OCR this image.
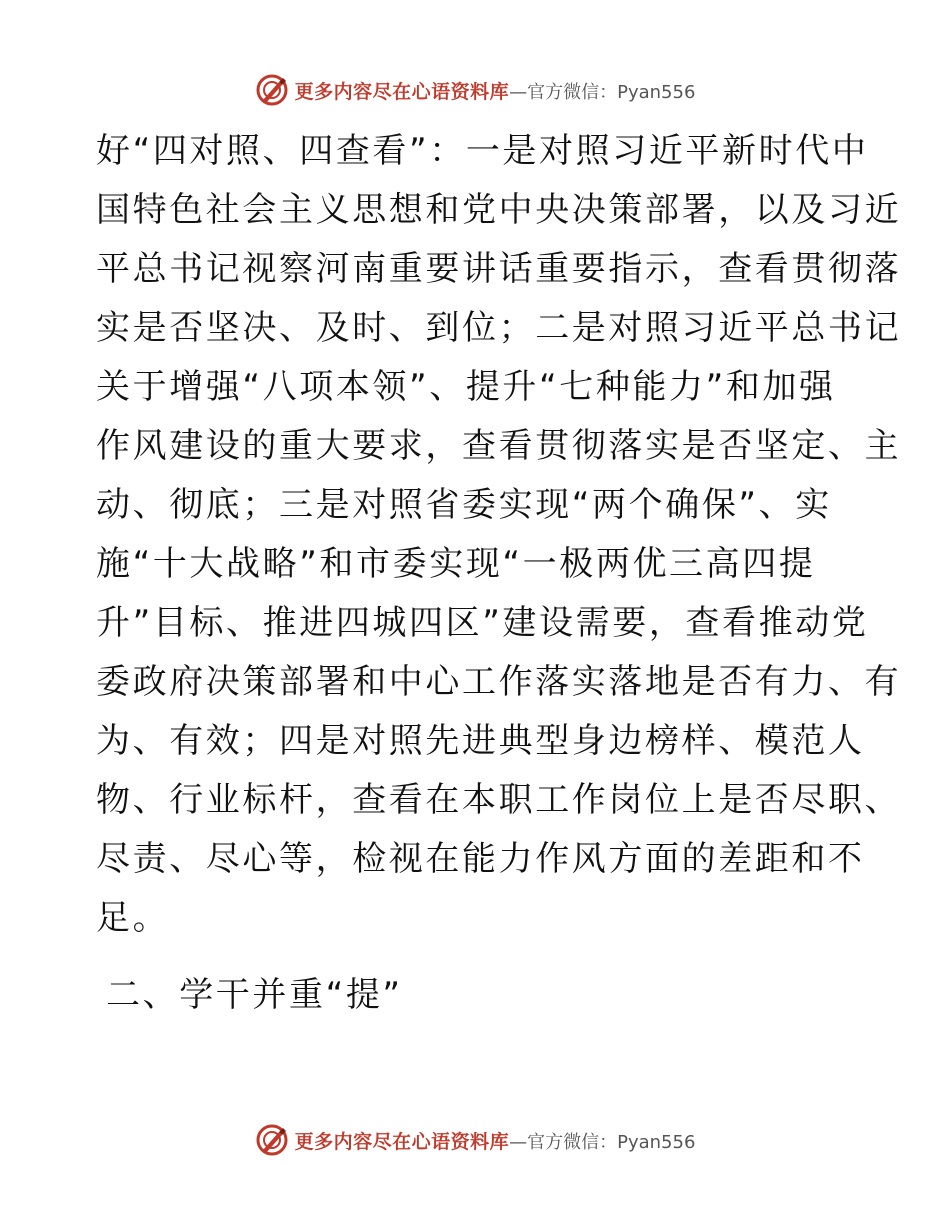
更多内容尽在心语资料库 —官方微信：Pyan556
好“四对照、四查看”：一是对照习近平新时代中
国特色社会主义思想和党中央决策部署，以及习近
平总书记视察河南重要讲话重要指示，查看贯彻落
实是否坚决、及时、到位；二是对照习近平总书记
关于增强“八项本领”、提升“七种能力”和加强
作风建设的重大要求，查看贯彻落实是否坚定、主
动、彻底；三是对照省委实现“两个确保”、实
施“十大战略”和市委实现“一极两优三高四提
升”目标、推进四城四区”建设需要，查看推动党
委政府决策部署和中心工作落实落地是否有力、有
为、有效；四是对照先进典型身边榜样、模范人
物、行业标杆，查看在本职工作岗位上是否尽职、
尽责、尽心等，检视在能力作风方面的差距和不
足。
二、学干并重“提”
更多内容尽在心语资料库 —官方微信：Pyan556
